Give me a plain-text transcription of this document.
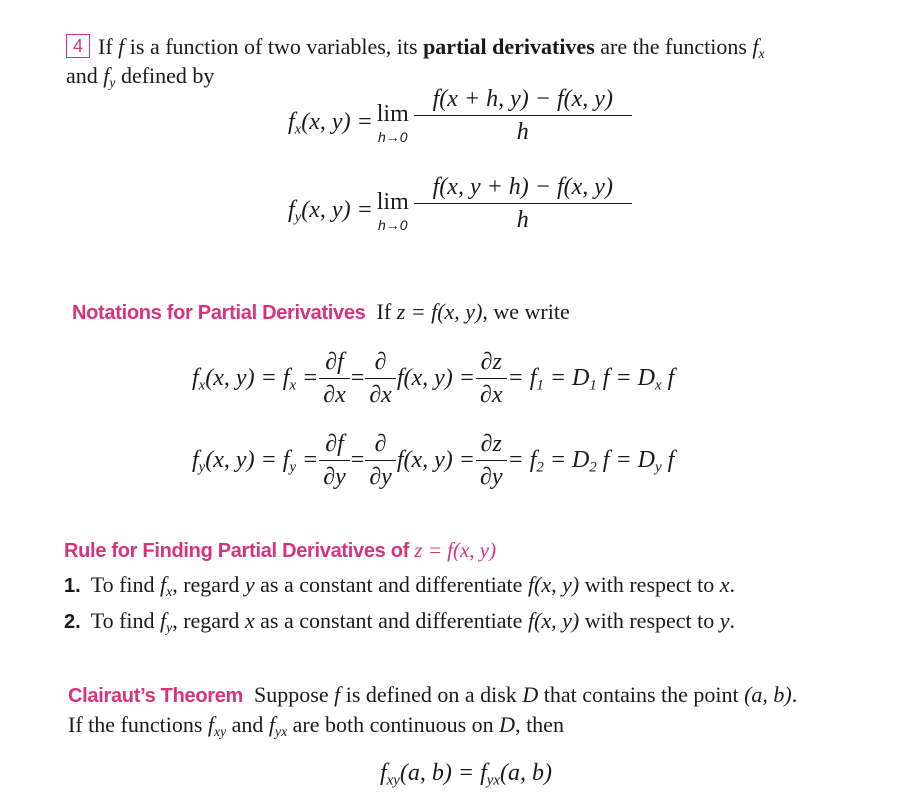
4 If f is a function of two variables, its partial derivatives are the functions $f_x$
and $f_y$ defined by
$f_x(x$, y) = lim
$h\to 0 \frac{f(x + h, y) - f(x, y)}{h}$
$f_y(x$, y) = lim
$h\to 0 \frac{f(x, y + h) - f(x, y)}{h}$
Notations for Partial Derivatives If z = f(x, y), we write
$f_x(x$, $y) = f_x = \frac{\partial f}{\partial x} = \frac{\partial}{\partial x} f(x$, $y) = \frac{\partial z}{\partial x} = f_1 = D_1$ $f = D_x$ f
$f_y(x$, $y) = f_y = \frac{\partial f}{\partial y} = \frac{\partial}{\partial y} f(x$, $y) = \frac{\partial z}{\partial y} = f_2 = D_2$ $f = D_y$ f
Rule for Finding Partial Derivatives of z = f(x, y)
1. To find $f_x$, regard y as a constant and differentiate f(x, y) with respect to x.
2. To find $f_y$, regard x as a constant and differentiate f(x, y) with respect to y.
Clairaut’s Theorem Suppose f is defined on a disk D that contains the point (a, b).
If the functions $f_{xy}$ and $f_{yx}$ are both continuous on D, then
$f_{xy}(a$, $b) = f_{yx}(a$, b)
